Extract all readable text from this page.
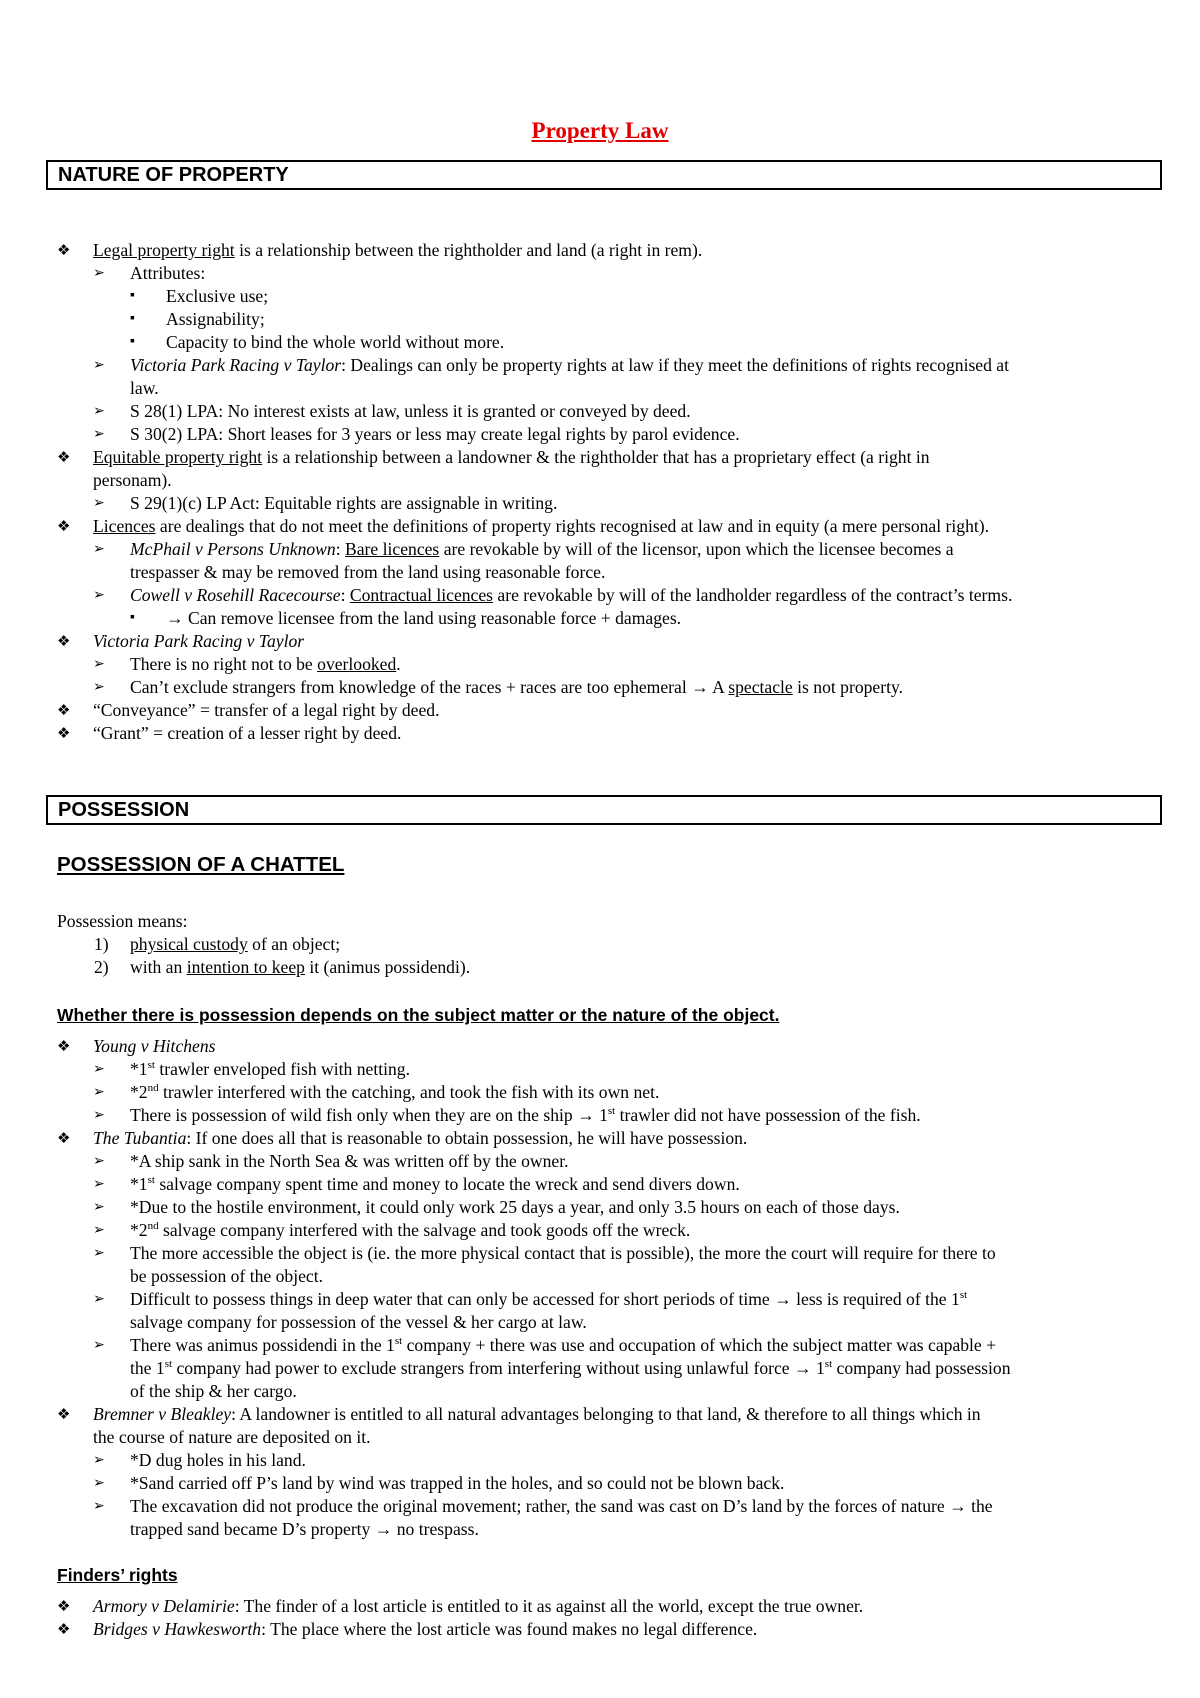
Property Law
NATURE OF PROPERTY
❖ Legal property right is a relationship between the rightholder and land (a right in rem).
➢ Attributes:
▪ Exclusive use;
▪ Assignability;
▪ Capacity to bind the whole world without more.
➢ Victoria Park Racing v Taylor: Dealings can only be property rights at law if they meet the definitions of rights recognised at
law.
➢ S 28(1) LPA: No interest exists at law, unless it is granted or conveyed by deed.
➢ S 30(2) LPA: Short leases for 3 years or less may create legal rights by parol evidence.
❖ Equitable property right is a relationship between a landowner & the rightholder that has a proprietary effect (a right in
personam).
➢ S 29(1)(c) LP Act: Equitable rights are assignable in writing.
❖ Licences are dealings that do not meet the definitions of property rights recognised at law and in equity (a mere personal right).
➢ McPhail v Persons Unknown: Bare licences are revokable by will of the licensor, upon which the licensee becomes a
trespasser & may be removed from the land using reasonable force.
➢ Cowell v Rosehill Racecourse: Contractual licences are revokable by will of the landholder regardless of the contract’s terms.
▪ → Can remove licensee from the land using reasonable force + damages.
❖ Victoria Park Racing v Taylor
➢ There is no right not to be overlooked.
➢ Can’t exclude strangers from knowledge of the races + races are too ephemeral → A spectacle is not property.
❖ “Conveyance” = transfer of a legal right by deed.
❖ “Grant” = creation of a lesser right by deed.
POSSESSION
POSSESSION OF A CHATTEL
Possession means:
1) physical custody of an object;
2) with an intention to keep it (animus possidendi).
Whether there is possession depends on the subject matter or the nature of the object.
❖ Young v Hitchens
➢ *1st trawler enveloped fish with netting.
➢ *2nd trawler interfered with the catching, and took the fish with its own net.
➢ There is possession of wild fish only when they are on the ship → 1st trawler did not have possession of the fish.
❖ The Tubantia: If one does all that is reasonable to obtain possession, he will have possession.
➢ *A ship sank in the North Sea & was written off by the owner.
➢ *1st salvage company spent time and money to locate the wreck and send divers down.
➢ *Due to the hostile environment, it could only work 25 days a year, and only 3.5 hours on each of those days.
➢ *2nd salvage company interfered with the salvage and took goods off the wreck.
➢ The more accessible the object is (ie. the more physical contact that is possible), the more the court will require for there to
be possession of the object.
➢ Difficult to possess things in deep water that can only be accessed for short periods of time → less is required of the 1st
salvage company for possession of the vessel & her cargo at law.
➢ There was animus possidendi in the 1st company + there was use and occupation of which the subject matter was capable +
the 1st company had power to exclude strangers from interfering without using unlawful force → 1st company had possession
of the ship & her cargo.
❖ Bremner v Bleakley: A landowner is entitled to all natural advantages belonging to that land, & therefore to all things which in
the course of nature are deposited on it.
➢ *D dug holes in his land.
➢ *Sand carried off P’s land by wind was trapped in the holes, and so could not be blown back.
➢ The excavation did not produce the original movement; rather, the sand was cast on D’s land by the forces of nature → the
trapped sand became D’s property → no trespass.
Finders’ rights
❖ Armory v Delamirie: The finder of a lost article is entitled to it as against all the world, except the true owner.
❖ Bridges v Hawkesworth: The place where the lost article was found makes no legal difference.
